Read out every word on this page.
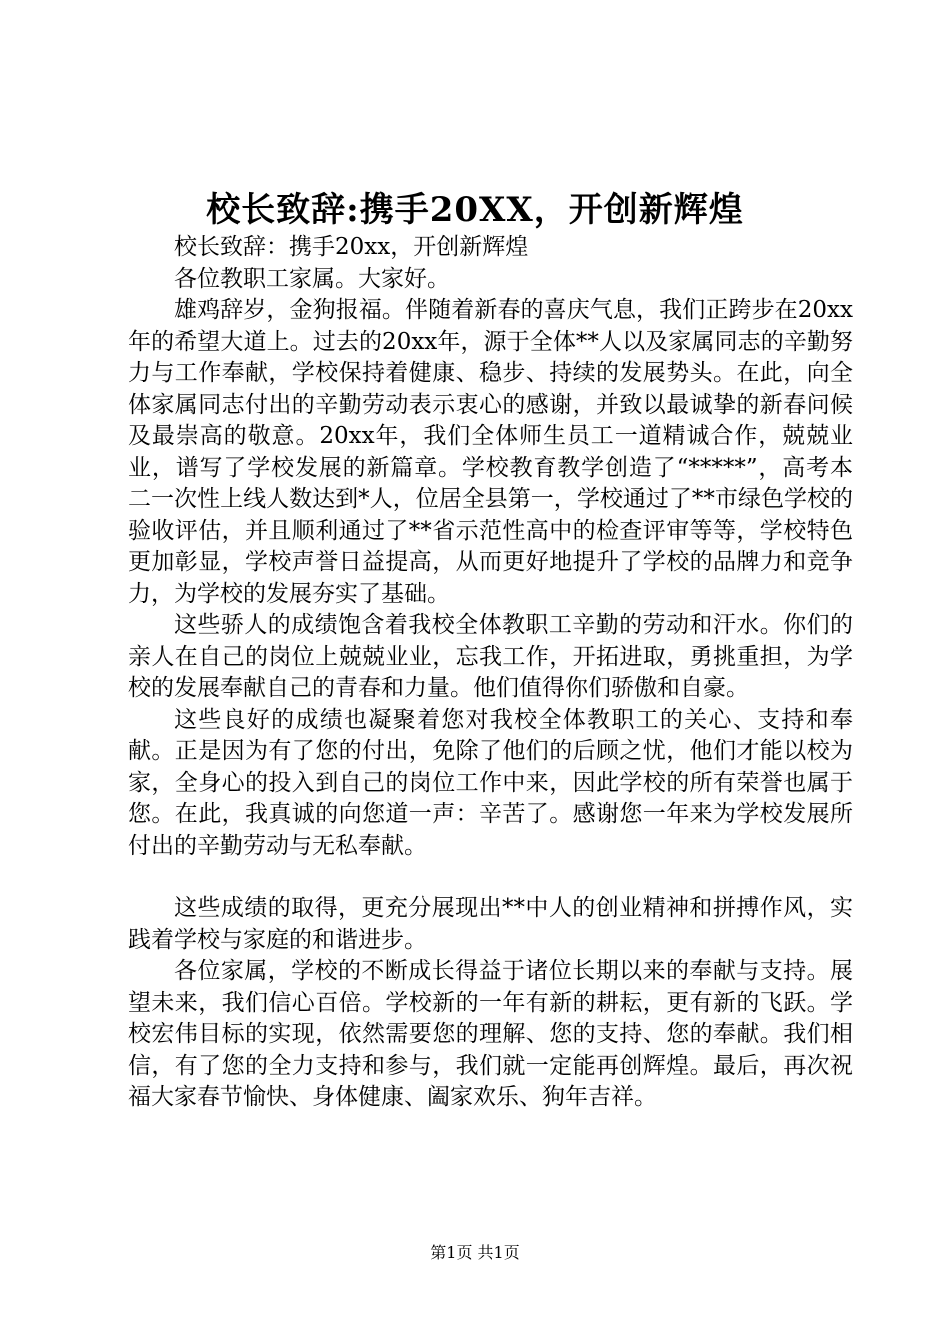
校长致辞:携手20XX，开创新辉煌

校长致辞：携手20xx，开创新辉煌

各位教职工家属。大家好。

雄鸡辞岁，金狗报福。伴随着新春的喜庆气息，我们正跨步在20xx年的希望大道上。过去的20xx年，源于全体**人以及家属同志的辛勤努力与工作奉献，学校保持着健康、稳步、持续的发展势头。在此，向全体家属同志付出的辛勤劳动表示衷心的感谢，并致以最诚挚的新春问候及最崇高的敬意。20xx年，我们全体师生员工一道精诚合作，兢兢业业，谱写了学校发展的新篇章。学校教育教学创造了“*****”，高考本二一次性上线人数达到*人，位居全县第一，学校通过了**市绿色学校的验收评估，并且顺利通过了**省示范性高中的检查评审等等，学校特色更加彰显，学校声誉日益提高，从而更好地提升了学校的品牌力和竞争力，为学校的发展夯实了基础。

这些骄人的成绩饱含着我校全体教职工辛勤的劳动和汗水。你们的亲人在自己的岗位上兢兢业业，忘我工作，开拓进取，勇挑重担，为学校的发展奉献自己的青春和力量。他们值得你们骄傲和自豪。

这些良好的成绩也凝聚着您对我校全体教职工的关心、支持和奉献。正是因为有了您的付出，免除了他们的后顾之忧，他们才能以校为家，全身心的投入到自己的岗位工作中来，因此学校的所有荣誉也属于您。在此，我真诚的向您道一声：辛苦了。感谢您一年来为学校发展所付出的辛勤劳动与无私奉献。

这些成绩的取得，更充分展现出**中人的创业精神和拼搏作风，实践着学校与家庭的和谐进步。

各位家属，学校的不断成长得益于诸位长期以来的奉献与支持。展望未来，我们信心百倍。学校新的一年有新的耕耘，更有新的飞跃。学校宏伟目标的实现，依然需要您的理解、您的支持、您的奉献。我们相信，有了您的全力支持和参与，我们就一定能再创辉煌。最后，再次祝福大家春节愉快、身体健康、阖家欢乐、狗年吉祥。

第1页 共1页
